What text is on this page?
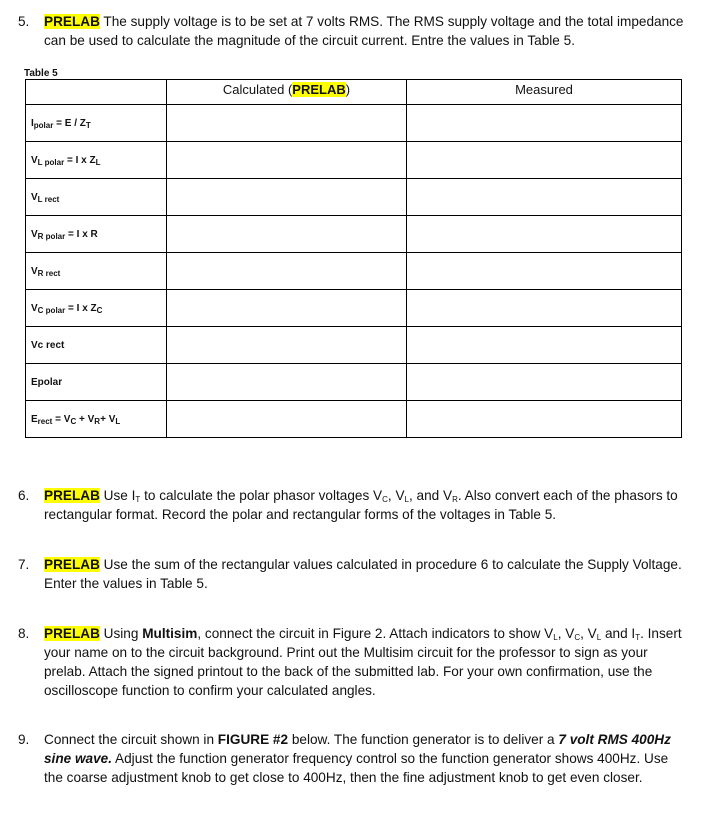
5. PRELAB The supply voltage is to be set at 7 volts RMS. The RMS supply voltage and the total impedance can be used to calculate the magnitude of the circuit current. Entre the values in Table 5.
Table 5
	Calculated (PRELAB)	Measured
$I_{polar} = E / Z_T$		
$V_{L polar} = I$ x $Z_L$		
$V_{L rect}$		
$V_{R polar} = I$ x R		
$V_{R rect}$		
$V_{C polar} = I$ x $Z_C$		
Vc rect		
Epolar		
$E_{rect} = V_C + V_R+ V_L$		
6. PRELAB Use $I_T$ to calculate the polar phasor voltages $V_C$, $V_L$, and $V_R$. Also convert each of the phasors to rectangular format. Record the polar and rectangular forms of the voltages in Table 5.
7. PRELAB Use the sum of the rectangular values calculated in procedure 6 to calculate the Supply Voltage. Enter the values in Table 5.
8. PRELAB Using Multisim, connect the circuit in Figure 2. Attach indicators to show $V_L$, $V_C$, $V_L$ and $I_T$. Insert your name on to the circuit background. Print out the Multisim circuit for the professor to sign as your prelab. Attach the signed printout to the back of the submitted lab. For your own confirmation, use the oscilloscope function to confirm your calculated angles.
9. Connect the circuit shown in FIGURE #2 below. The function generator is to deliver a 7 volt RMS 400Hz sine wave. Adjust the function generator frequency control so the function generator shows 400Hz. Use the coarse adjustment knob to get close to 400Hz, then the fine adjustment knob to get even closer.
